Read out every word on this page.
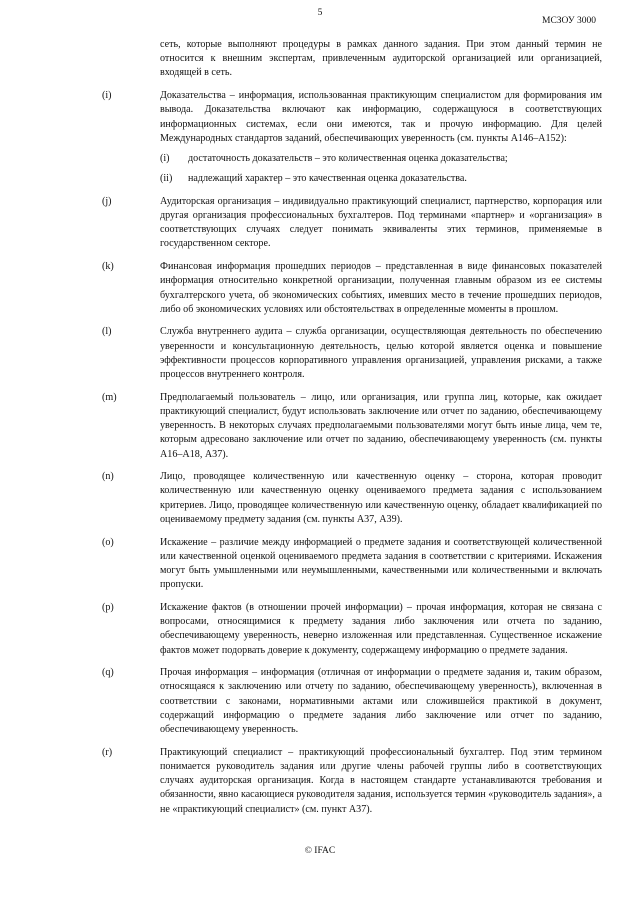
5
МСЗОУ 3000

сеть, которые выполняют процедуры в рамках данного задания. При этом данный термин не относится к внешним экспертам, привлеченным аудиторской организацией или организацией, входящей в сеть.

(i)	Доказательства – информация, использованная практикующим специалистом для формирования им вывода. Доказательства включают как информацию, содержащуюся в соответствующих информационных системах, если они имеются, так и прочую информацию. Для целей Международных стандартов заданий, обеспечивающих уверенность (см. пункты А146–А152):

(i) достаточность доказательств – это количественная оценка доказательства;

(ii) надлежащий характер – это качественная оценка доказательства.

(j)	Аудиторская организация – индивидуально практикующий специалист, партнерство, корпорация или другая организация профессиональных бухгалтеров. Под терминами «партнер» и «организация» в соответствующих случаях следует понимать эквиваленты этих терминов, применяемые в государственном секторе.

(k)	Финансовая информация прошедших периодов – представленная в виде финансовых показателей информация относительно конкретной организации, полученная главным образом из ее системы бухгалтерского учета, об экономических событиях, имевших место в течение прошедших периодов, либо об экономических условиях или обстоятельствах в определенные моменты в прошлом.

(l)	Служба внутреннего аудита – служба организации, осуществляющая деятельность по обеспечению уверенности и консультационную деятельность, целью которой является оценка и повышение эффективности процессов корпоративного управления организацией, управления рисками, а также процессов внутреннего контроля.

(m)	Предполагаемый пользователь – лицо, или организация, или группа лиц, которые, как ожидает практикующий специалист, будут использовать заключение или отчет по заданию, обеспечивающему уверенность. В некоторых случаях предполагаемыми пользователями могут быть иные лица, чем те, которым адресовано заключение или отчет по заданию, обеспечивающему уверенность (см. пункты А16–А18, А37).

(n)	Лицо, проводящее количественную или качественную оценку – сторона, которая проводит количественную или качественную оценку оцениваемого предмета задания с использованием критериев. Лицо, проводящее количественную или качественную оценку, обладает квалификацией по оцениваемому предмету задания (см. пункты А37, А39).

(o)	Искажение – различие между информацией о предмете задания и соответствующей количественной или качественной оценкой оцениваемого предмета задания в соответствии с критериями. Искажения могут быть умышленными или неумышленными, качественными или количественными и включать пропуски.

(p)	Искажение фактов (в отношении прочей информации) – прочая информация, которая не связана с вопросами, относящимися к предмету задания либо заключения или отчета по заданию, обеспечивающему уверенность, неверно изложенная или представленная. Существенное искажение фактов может подорвать доверие к документу, содержащему информацию о предмете задания.

(q)	Прочая информация – информация (отличная от информации о предмете задания и, таким образом, относящаяся к заключению или отчету по заданию, обеспечивающему уверенность), включенная в соответствии с законами, нормативными актами или сложившейся практикой в документ, содержащий информацию о предмете задания либо заключение или отчет по заданию, обеспечивающему уверенность.

(r)	Практикующий специалист – практикующий профессиональный бухгалтер. Под этим термином понимается руководитель задания или другие члены рабочей группы либо в соответствующих случаях аудиторская организация. Когда в настоящем стандарте устанавливаются требования и обязанности, явно касающиеся руководителя задания, используется термин «руководитель задания», а не «практикующий специалист» (см. пункт А37).

© IFAC
